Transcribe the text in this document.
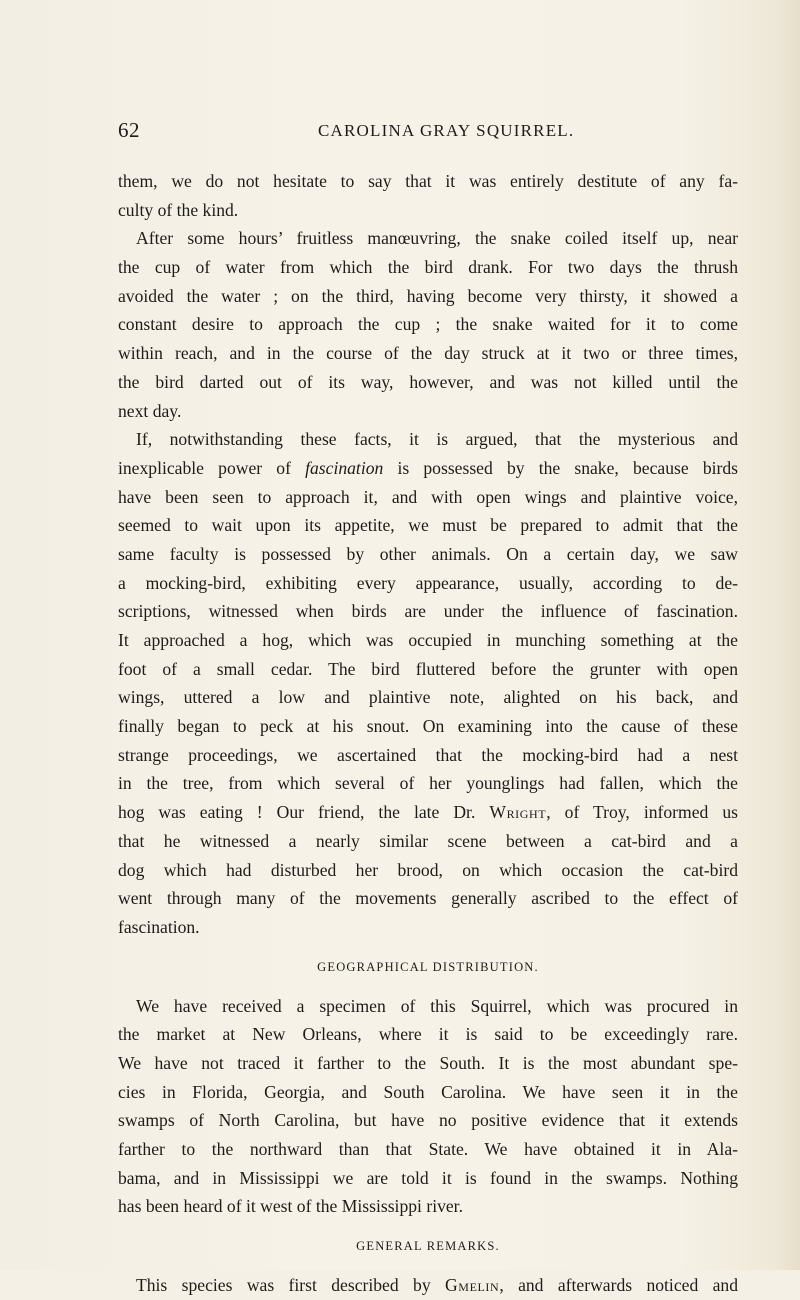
62	CAROLINA GRAY SQUIRREL.
them, we do not hesitate to say that it was entirely destitute of any fa-
culty of the kind.
After some hours’ fruitless manœuvring, the snake coiled itself up, near
the cup of water from which the bird drank. For two days the thrush
avoided the water ; on the third, having become very thirsty, it showed a
constant desire to approach the cup ; the snake waited for it to come
within reach, and in the course of the day struck at it two or three times,
the bird darted out of its way, however, and was not killed until the
next day.
If, notwithstanding these facts, it is argued, that the mysterious and
inexplicable power of fascination is possessed by the snake, because birds
have been seen to approach it, and with open wings and plaintive voice,
seemed to wait upon its appetite, we must be prepared to admit that the
same faculty is possessed by other animals. On a certain day, we saw
a mocking-bird, exhibiting every appearance, usually, according to de-
scriptions, witnessed when birds are under the influence of fascination.
It approached a hog, which was occupied in munching something at the
foot of a small cedar. The bird fluttered before the grunter with open
wings, uttered a low and plaintive note, alighted on his back, and
finally began to peck at his snout. On examining into the cause of these
strange proceedings, we ascertained that the mocking-bird had a nest
in the tree, from which several of her younglings had fallen, which the
hog was eating ! Our friend, the late Dr. Wright, of Troy, informed us
that he witnessed a nearly similar scene between a cat-bird and a
dog which had disturbed her brood, on which occasion the cat-bird
went through many of the movements generally ascribed to the effect of
fascination.
GEOGRAPHICAL DISTRIBUTION.
We have received a specimen of this Squirrel, which was procured in
the market at New Orleans, where it is said to be exceedingly rare.
We have not traced it farther to the South. It is the most abundant spe-
cies in Florida, Georgia, and South Carolina. We have seen it in the
swamps of North Carolina, but have no positive evidence that it extends
farther to the northward than that State. We have obtained it in Ala-
bama, and in Mississippi we are told it is found in the swamps. Nothing
has been heard of it west of the Mississippi river.
GENERAL REMARKS.
This species was first described by Gmelin, and afterwards noticed and
